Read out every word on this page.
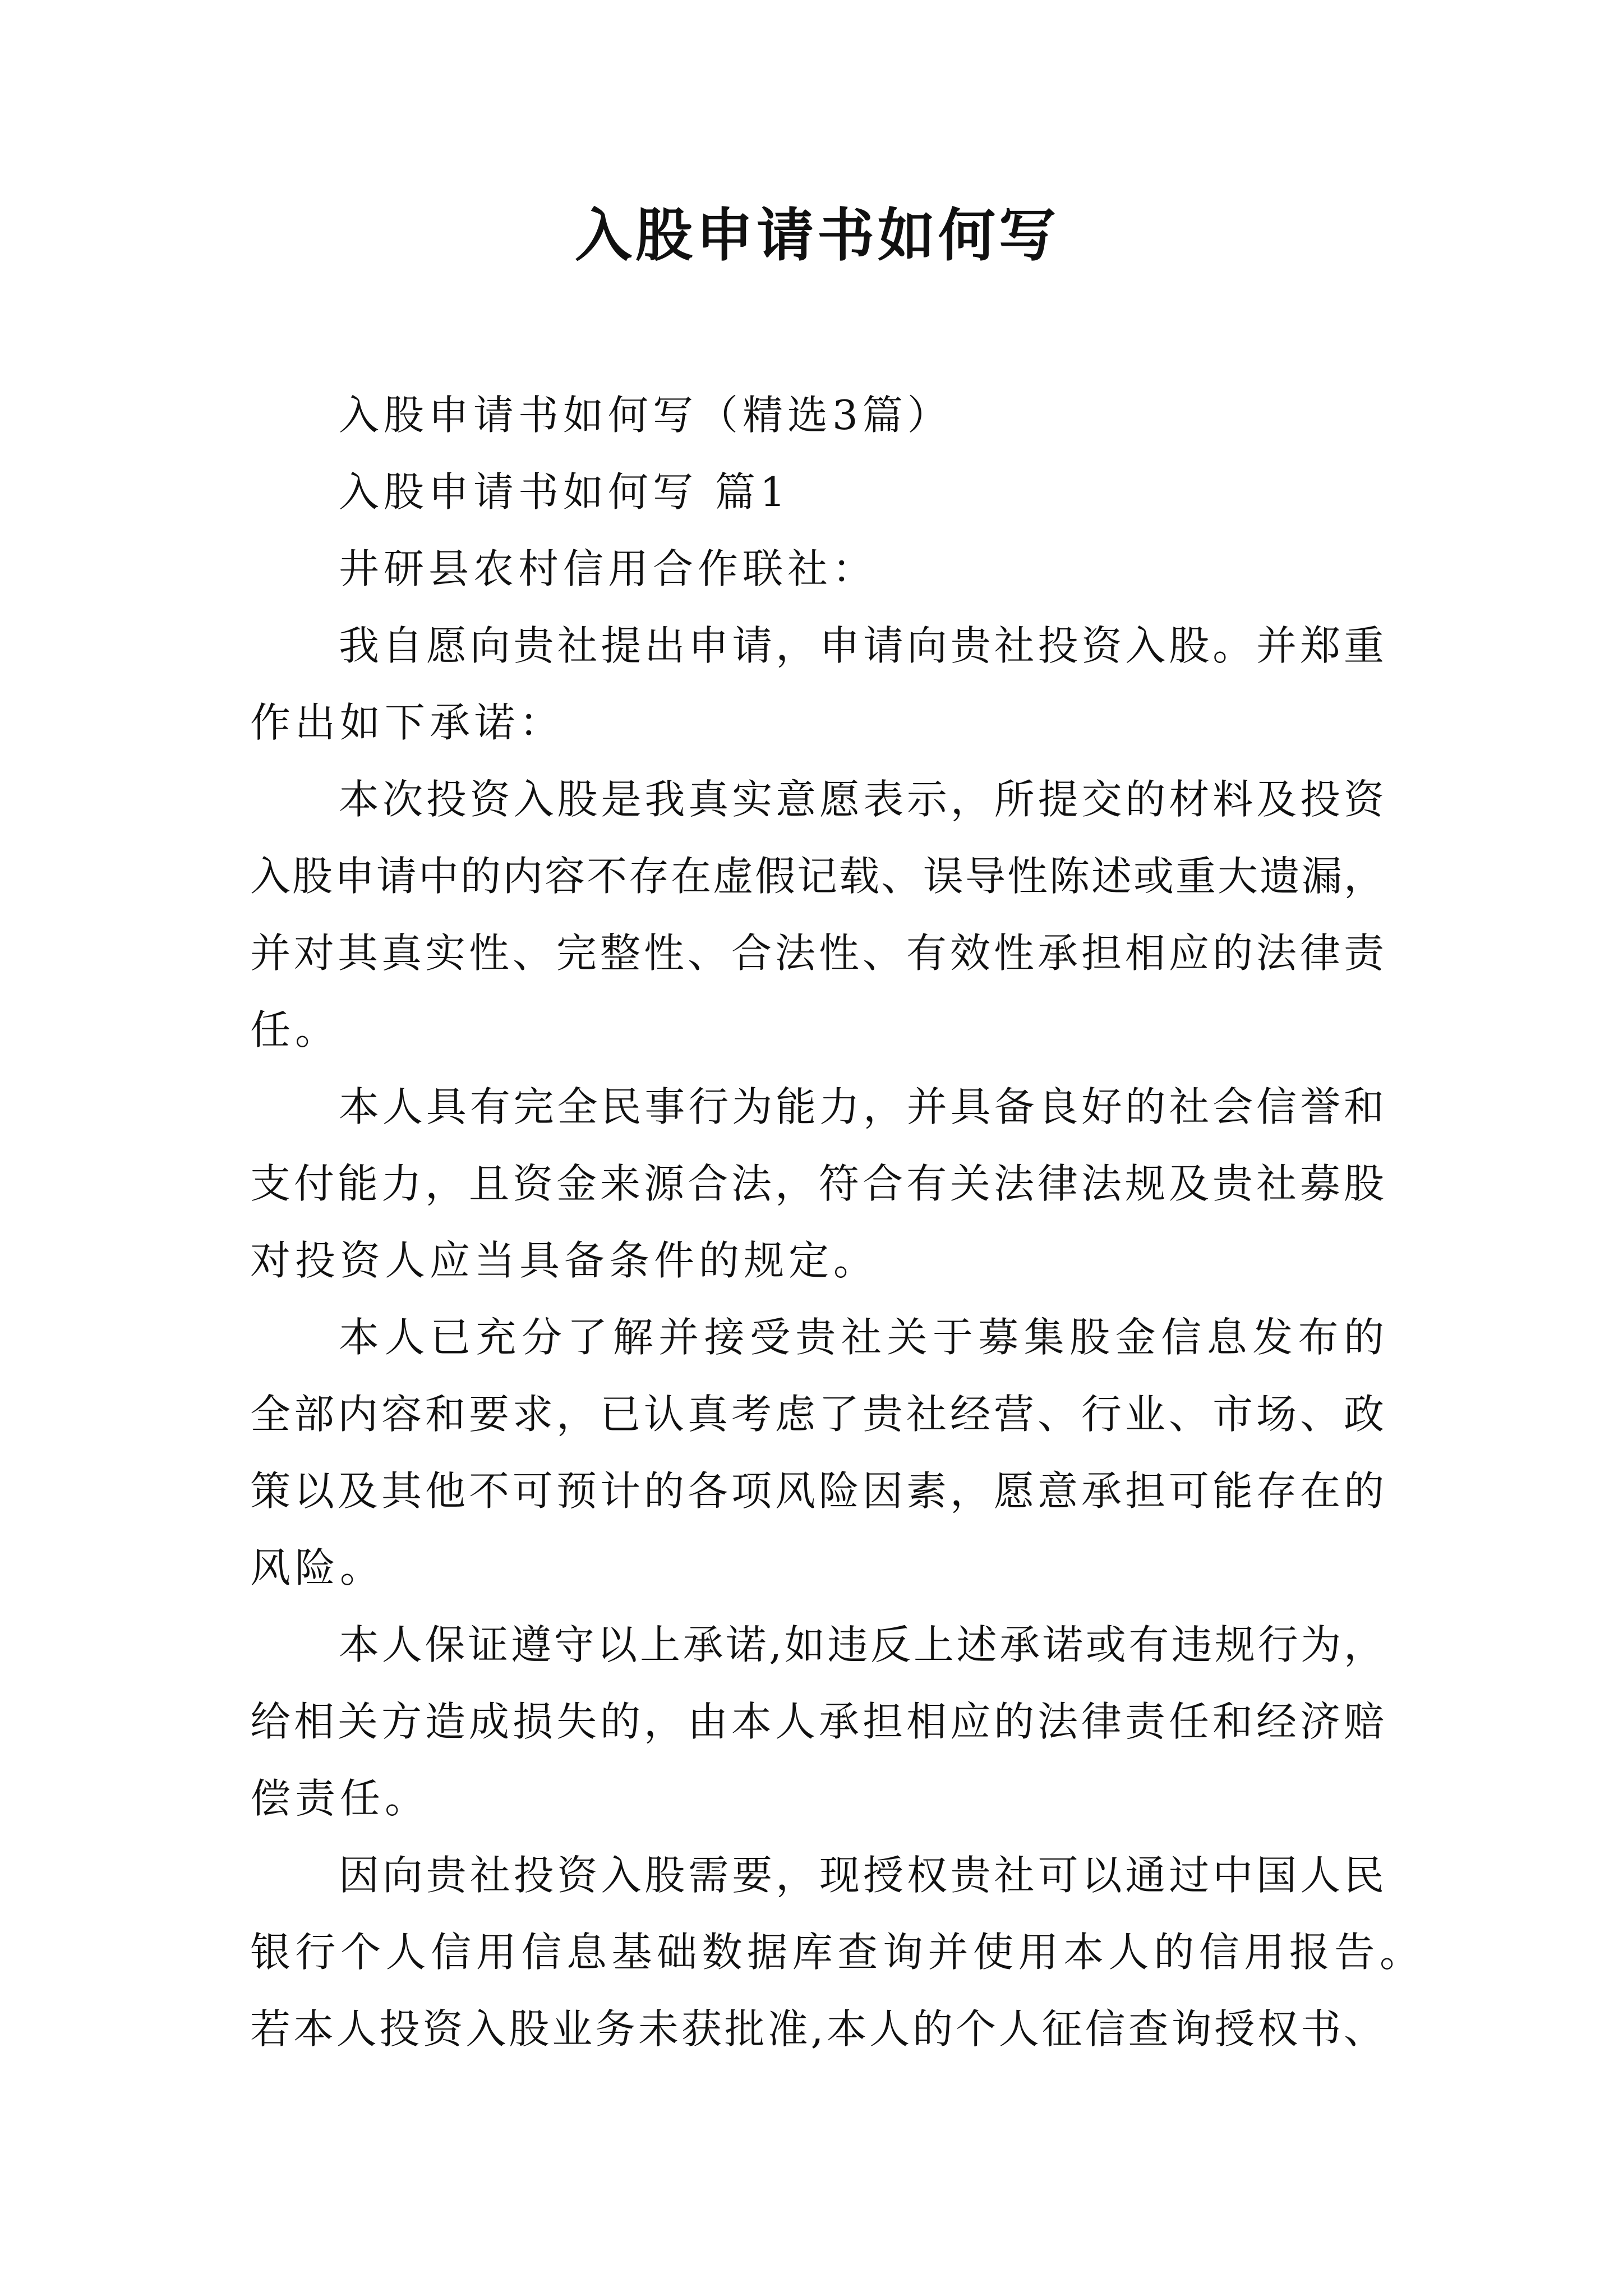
入股申请书如何写
入股申请书如何写（精选3篇）
入股申请书如何写 篇1
井研县农村信用合作联社：
我自愿向贵社提出申请，申请向贵社投资入股。并郑重
作出如下承诺：
本次投资入股是我真实意愿表示，所提交的材料及投资
入股申请中的内容不存在虚假记载、误导性陈述或重大遗漏，
并对其真实性、完整性、合法性、有效性承担相应的法律责
任。
本人具有完全民事行为能力，并具备良好的社会信誉和
支付能力，且资金来源合法，符合有关法律法规及贵社募股
对投资人应当具备条件的规定。
本人已充分了解并接受贵社关于募集股金信息发布的
全部内容和要求，已认真考虑了贵社经营、行业、市场、政
策以及其他不可预计的各项风险因素，愿意承担可能存在的
风险。
本人保证遵守以上承诺,如违反上述承诺或有违规行为，
给相关方造成损失的，由本人承担相应的法律责任和经济赔
偿责任。
因向贵社投资入股需要，现授权贵社可以通过中国人民
银行个人信用信息基础数据库查询并使用本人的信用报告。
若本人投资入股业务未获批准,本人的个人征信查询授权书、
